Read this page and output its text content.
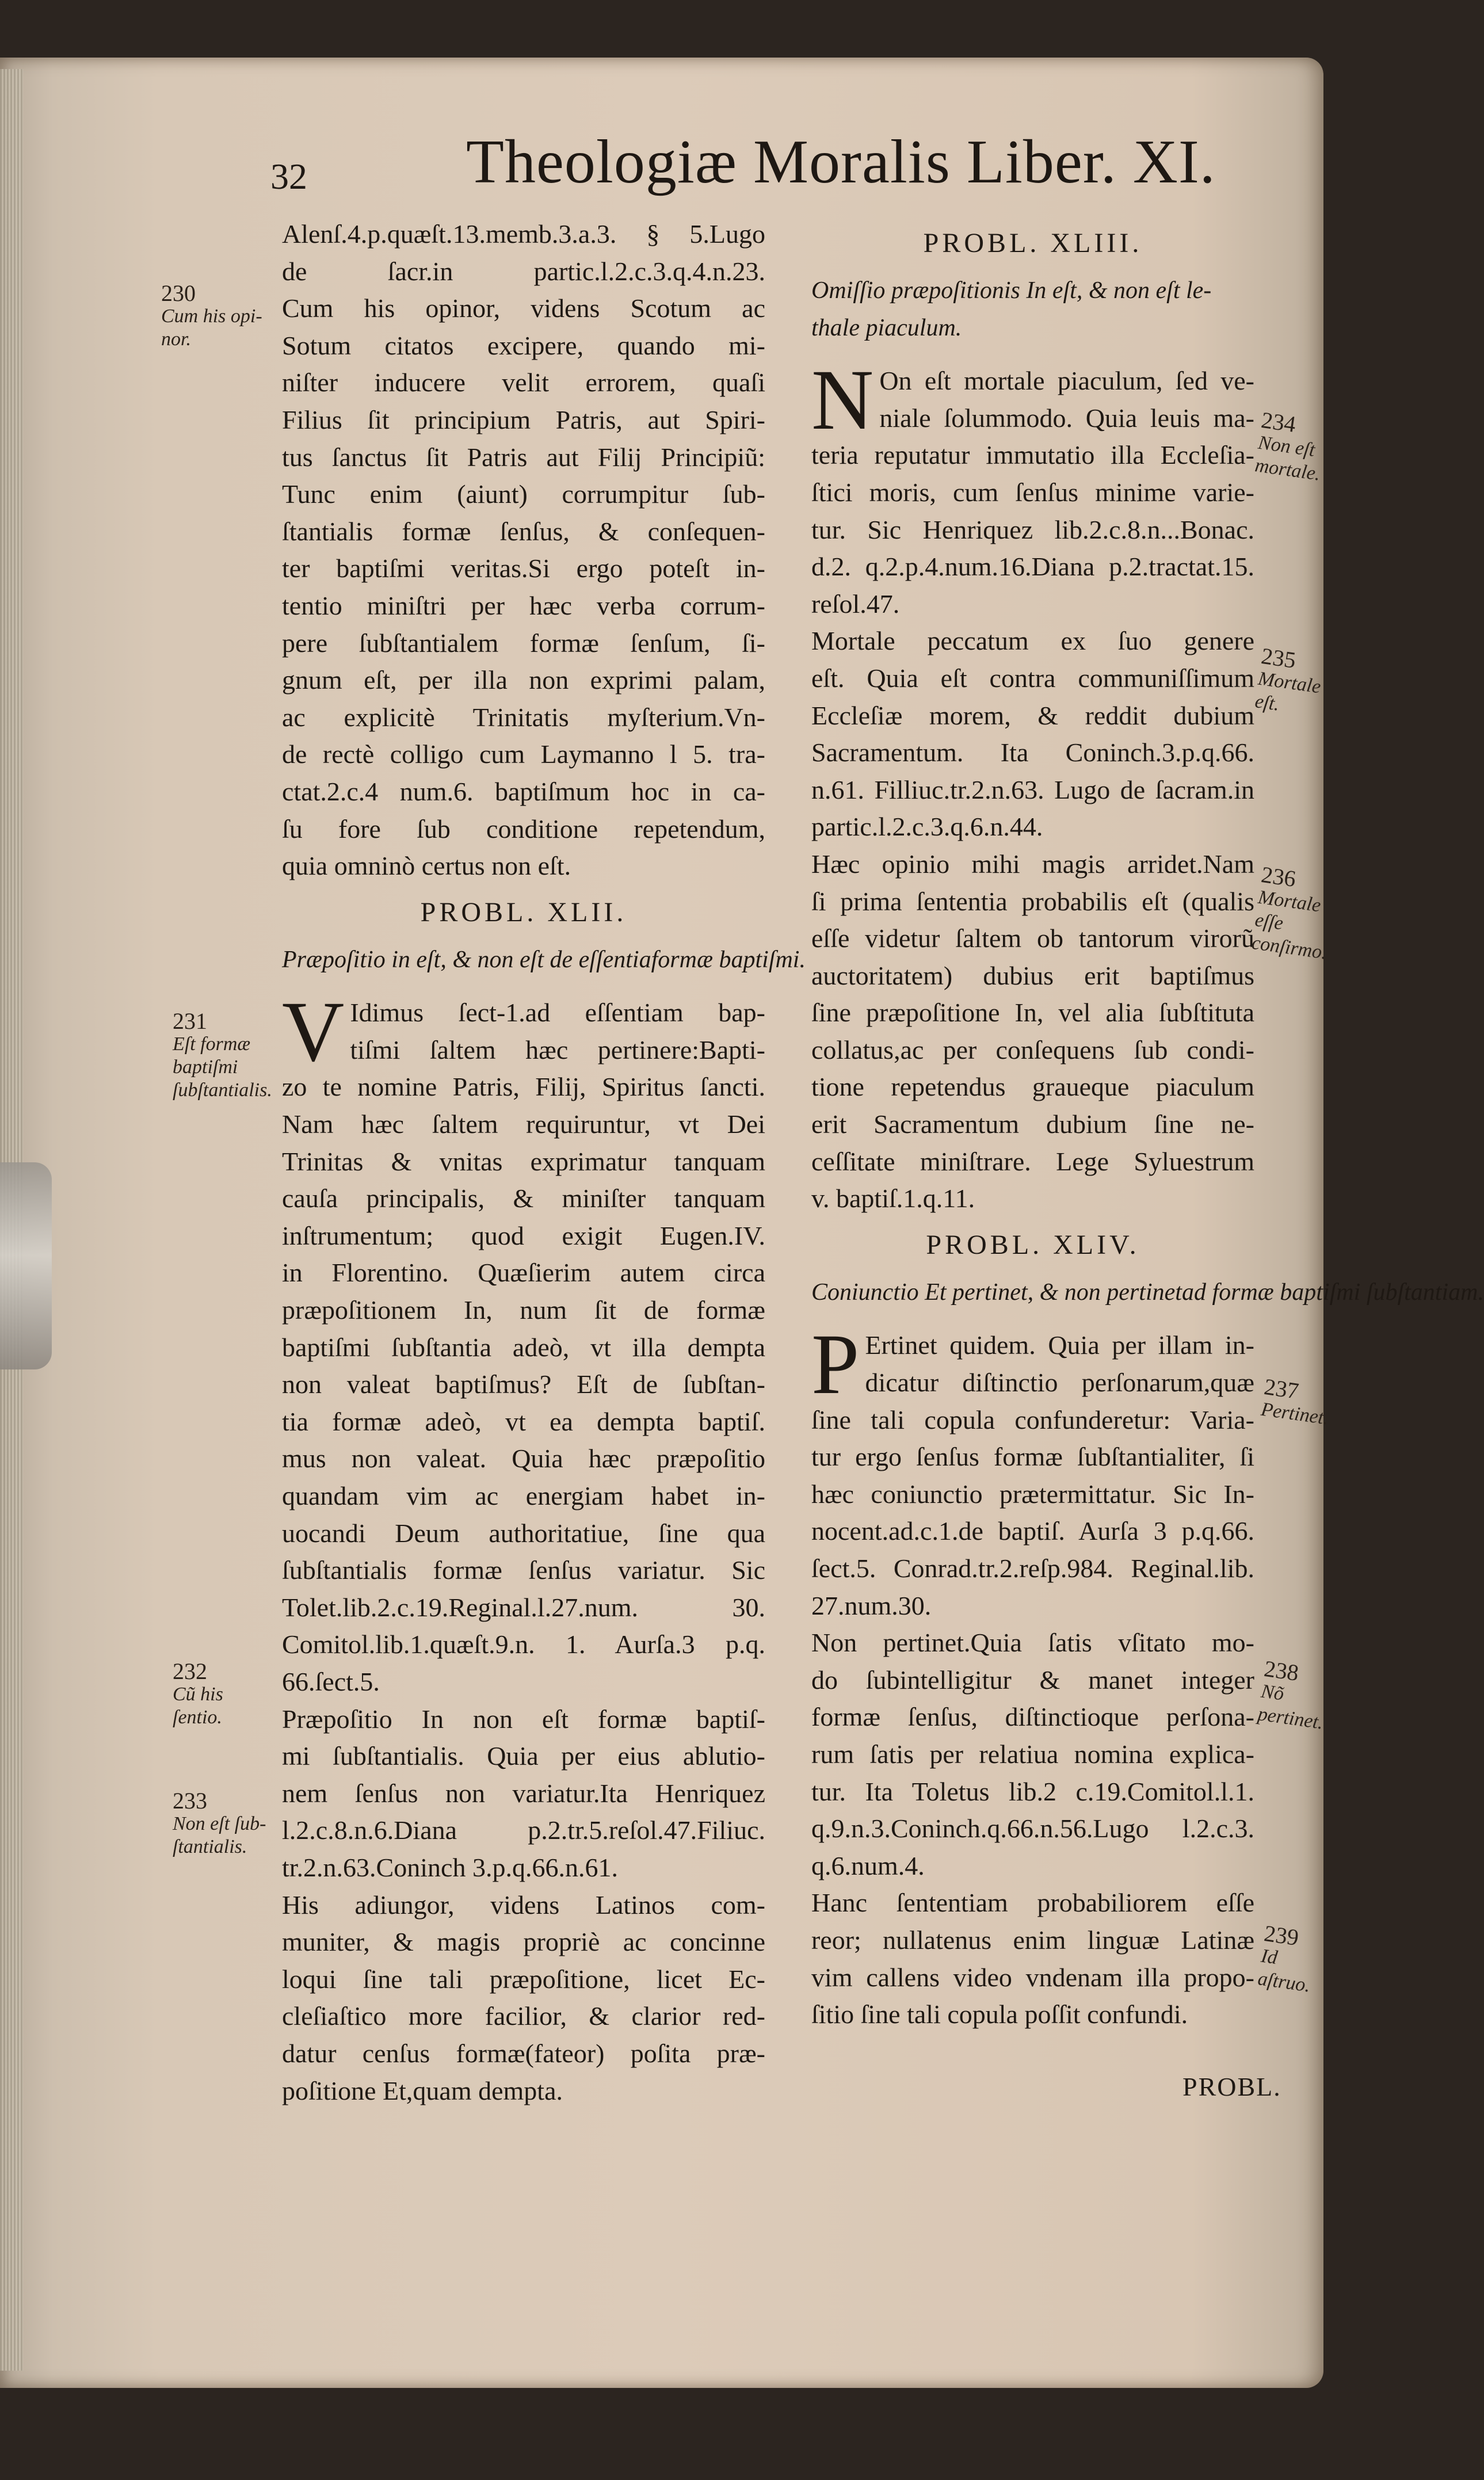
32	Theologiæ Moralis Liber. XI.
Alenſ.4.p.quæſt.13.memb.3.a.3. § 5.Lugo
de ſacr.in partic.l.2.c.3.q.4.n.23.
Cum his opinor, videns Scotum ac
Sotum citatos excipere, quando mi-
niſter inducere velit errorem, quaſi
Filius ſit principium Patris, aut Spiri-
tus ſanctus ſit Patris aut Filij Principiũ:
Tunc enim (aiunt) corrumpitur ſub-
ſtantialis formæ ſenſus, & conſequen-
ter baptiſmi veritas.Si ergo poteſt in-
tentio miniſtri per hæc verba corrum-
pere ſubſtantialem formæ ſenſum, ſi-
gnum eſt, per illa non exprimi palam,
ac explicitè Trinitatis myſterium.Vn-
de rectè colligo cum Laymanno l 5. tra-
ctat.2.c.4 num.6. baptiſmum hoc in ca-
ſu fore ſub conditione repetendum,
quia omninò certus non eſt.
PROBL. XLII.
Præpoſitio in eſt, & non eſt de eſſentiaformæ baptiſmi.
V Idimus ſect-1.ad eſſentiam bap-
tiſmi ſaltem hæc pertinere:Bapti-
zo te nomine Patris, Filij, Spiritus ſancti.
Nam hæc ſaltem requiruntur, vt Dei
Trinitas & vnitas exprimatur tanquam
cauſa principalis, & miniſter tanquam
inſtrumentum; quod exigit Eugen.IV.
in Florentino. Quæſierim autem circa
præpoſitionem In, num ſit de formæ
baptiſmi ſubſtantia adeò, vt illa dempta
non valeat baptiſmus? Eſt de ſubſtan-
tia formæ adeò, vt ea dempta baptiſ.
mus non valeat. Quia hæc præpoſitio
quandam vim ac energiam habet in-
uocandi Deum authoritatiue, ſine qua
ſubſtantialis formæ ſenſus variatur. Sic
Tolet.lib.2.c.19.Reginal.l.27.num. 30.
Comitol.lib.1.quæſt.9.n. 1. Aurſa.3 p.q.
66.ſect.5.
Præpoſitio In non eſt formæ baptiſ-
mi ſubſtantialis. Quia per eius ablutio-
nem ſenſus non variatur.Ita Henriquez
l.2.c.8.n.6.Diana p.2.tr.5.reſol.47.Filiuc.
tr.2.n.63.Coninch 3.p.q.66.n.61.
His adiungor, videns Latinos com-
muniter, & magis propriè ac concinne
loqui ſine tali præpoſitione, licet Ec-
cleſiaſtico more facilior, & clarior red-
datur cenſus formæ(fateor) poſita præ-
poſitione Et,quam dempta.
230
Cum his opi-nor.
231
Eſt formæ baptiſmi ſubſtantialis.
232
Cũ his ſentio.
233
Non eſt ſub-ſtantialis.
PROBL. XLIII.
Omiſſio præpoſitionis In eſt, & non eſt le-thale piaculum.
N On eſt mortale piaculum, ſed ve-
niale ſolummodo. Quia leuis ma-
teria reputatur immutatio illa Eccleſia-
ſtici moris, cum ſenſus minime varie-
tur. Sic Henriquez lib.2.c.8.n...Bonac.
d.2. q.2.p.4.num.16.Diana p.2.tractat.15.
reſol.47.
Mortale peccatum ex ſuo genere
eſt. Quia eſt contra communiſſimum
Eccleſiæ morem, & reddit dubium
Sacramentum. Ita Coninch.3.p.q.66.
n.61. Filliuc.tr.2.n.63. Lugo de ſacram.in
partic.l.2.c.3.q.6.n.44.
Hæc opinio mihi magis arridet.Nam
ſi prima ſententia probabilis eſt (qualis
eſſe videtur ſaltem ob tantorum virorũ
auctoritatem) dubius erit baptiſmus
ſine præpoſitione In, vel alia ſubſtituta
collatus,ac per conſequens ſub condi-
tione repetendus graueque piaculum
erit Sacramentum dubium ſine ne-
ceſſitate miniſtrare. Lege Syluestrum
v. baptiſ.1.q.11.
PROBL. XLIV.
Coniunctio Et pertinet, & non pertinetad formæ baptiſmi ſubſtantiam.
P Ertinet quidem. Quia per illam in-
dicatur diſtinctio perſonarum,quæ
ſine tali copula confunderetur: Varia-
tur ergo ſenſus formæ ſubſtantialiter, ſi
hæc coniunctio prætermittatur. Sic In-
nocent.ad.c.1.de baptiſ. Aurſa 3 p.q.66.
ſect.5. Conrad.tr.2.reſp.984. Reginal.lib.
27.num.30.
Non pertinet.Quia ſatis vſitato mo-
do ſubintelligitur & manet integer
formæ ſenſus, diſtinctioque perſona-
rum ſatis per relatiua nomina explica-
tur. Ita Toletus lib.2 c.19.Comitol.l.1.
q.9.n.3.Coninch.q.66.n.56.Lugo l.2.c.3.
q.6.num.4.
Hanc ſententiam probabiliorem eſſe
reor; nullatenus enim linguæ Latinæ
vim callens video vndenam illa propo-
ſitio ſine tali copula poſſit confundi.
234
Non eſt mortale.
235
Mortale eſt.
236
Mortale eſſe conſirmo.
237
Pertinet.
238
Nõ pertinet.
239
Id aſtruo.
PROBL.
